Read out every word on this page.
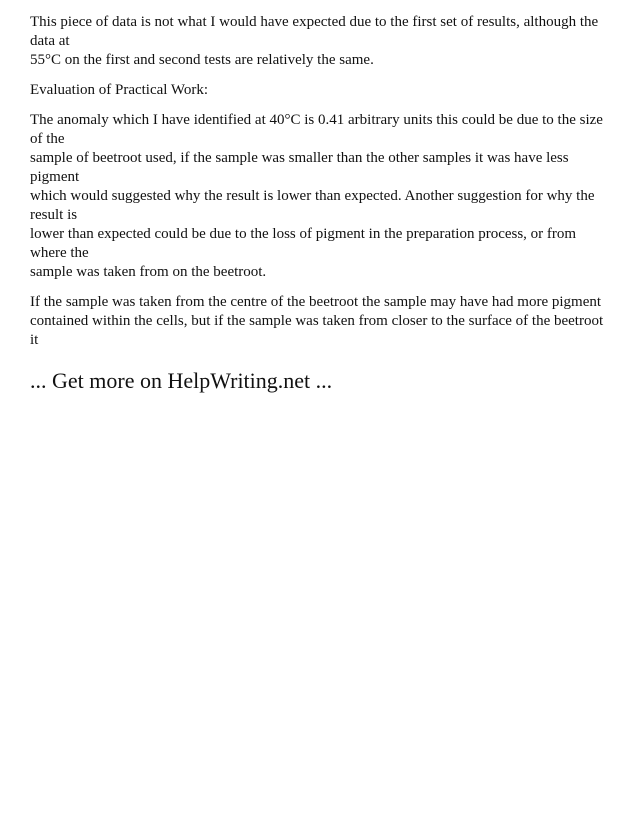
This piece of data is not what I would have expected due to the first set of results, although the data at
55°C on the first and second tests are relatively the same.

Evaluation of Practical Work:

The anomaly which I have identified at 40°C is 0.41 arbitrary units this could be due to the size of the
sample of beetroot used, if the sample was smaller than the other samples it was have less pigment
which would suggested why the result is lower than expected. Another suggestion for why the result is
lower than expected could be due to the loss of pigment in the preparation process, or from where the
sample was taken from on the beetroot.

If the sample was taken from the centre of the beetroot the sample may have had more pigment
contained within the cells, but if the sample was taken from closer to the surface of the beetroot it

... Get more on HelpWriting.net ...
